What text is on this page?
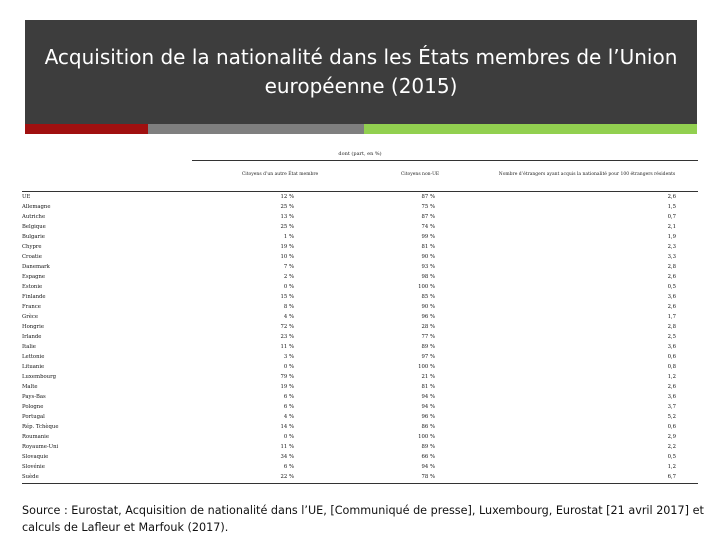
Acquisition de la nationalité dans les États membres de l’Union européenne (2015)
dont (part, en %)
Citoyens d’un autre État membre	Citoyens non-UE	Nombre d’étrangers ayant acquis la nationalité pour 100 étrangers résidents
UE	12 %	87 %	2,6
Allemagne	25 %	75 %	1,5
Autriche	13 %	87 %	0,7
Belgique	25 %	74 %	2,1
Bulgarie	1 %	99 %	1,9
Chypre	19 %	81 %	2,3
Croatie	10 %	90 %	3,3
Danemark	7 %	93 %	2,8
Espagne	2 %	98 %	2,6
Estonie	0 %	100 %	0,5
Finlande	15 %	85 %	3,6
France	8 %	90 %	2,6
Grèce	4 %	96 %	1,7
Hongrie	72 %	28 %	2,8
Irlande	23 %	77 %	2,5
Italie	11 %	89 %	3,6
Lettonie	3 %	97 %	0,6
Lituanie	0 %	100 %	0,8
Luxembourg	79 %	21 %	1,2
Malte	19 %	81 %	2,6
Pays-Bas	6 %	94 %	3,6
Pologne	6 %	94 %	3,7
Portugal	4 %	96 %	5,2
Rép. Tchèque	14 %	86 %	0,6
Roumanie	0 %	100 %	2,9
Royaume-Uni	11 %	89 %	2,2
Slovaquie	34 %	66 %	0,5
Slovénie	6 %	94 %	1,2
Suède	22 %	78 %	6,7
Source : Eurostat, Acquisition de nationalité dans l’UE, [Communiqué de presse], Luxembourg, Eurostat [21 avril 2017] et calculs de Lafleur et Marfouk (2017).
